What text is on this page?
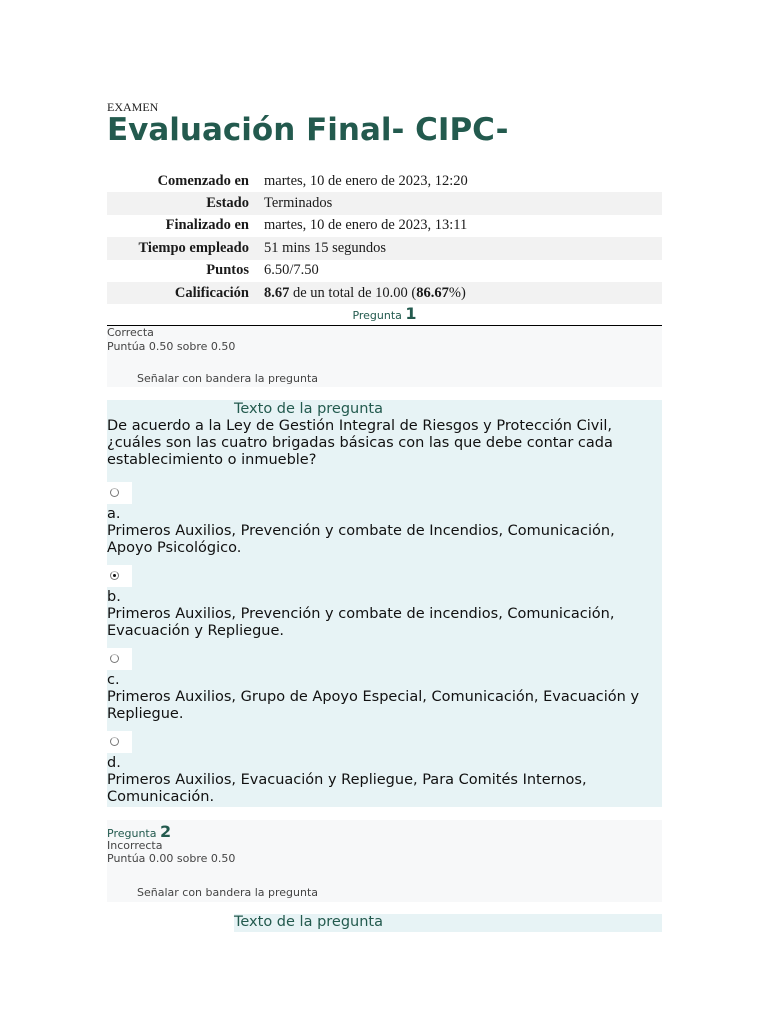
EXAMEN
Evaluación Final- CIPC-
Comenzado en	martes, 10 de enero de 2023, 12:20
Estado	Terminados
Finalizado en	martes, 10 de enero de 2023, 13:11
Tiempo empleado	51 mins 15 segundos
Puntos	6.50/7.50
Calificación	8.67 de un total de 10.00 (86.67%)
Pregunta 1
Correcta
Puntúa 0.50 sobre 0.50
Señalar con bandera la pregunta
Texto de la pregunta
De acuerdo a la Ley de Gestión Integral de Riesgos y Protección Civil, ¿cuáles son las cuatro brigadas básicas con las que debe contar cada establecimiento o inmueble?
a.
Primeros Auxilios, Prevención y combate de Incendios, Comunicación, Apoyo Psicológico.
b.
Primeros Auxilios, Prevención y combate de incendios, Comunicación, Evacuación y Repliegue.
c.
Primeros Auxilios, Grupo de Apoyo Especial, Comunicación, Evacuación y Repliegue.
d.
Primeros Auxilios, Evacuación y Repliegue, Para Comités Internos, Comunicación.
Pregunta 2
Incorrecta
Puntúa 0.00 sobre 0.50
Señalar con bandera la pregunta
Texto de la pregunta
